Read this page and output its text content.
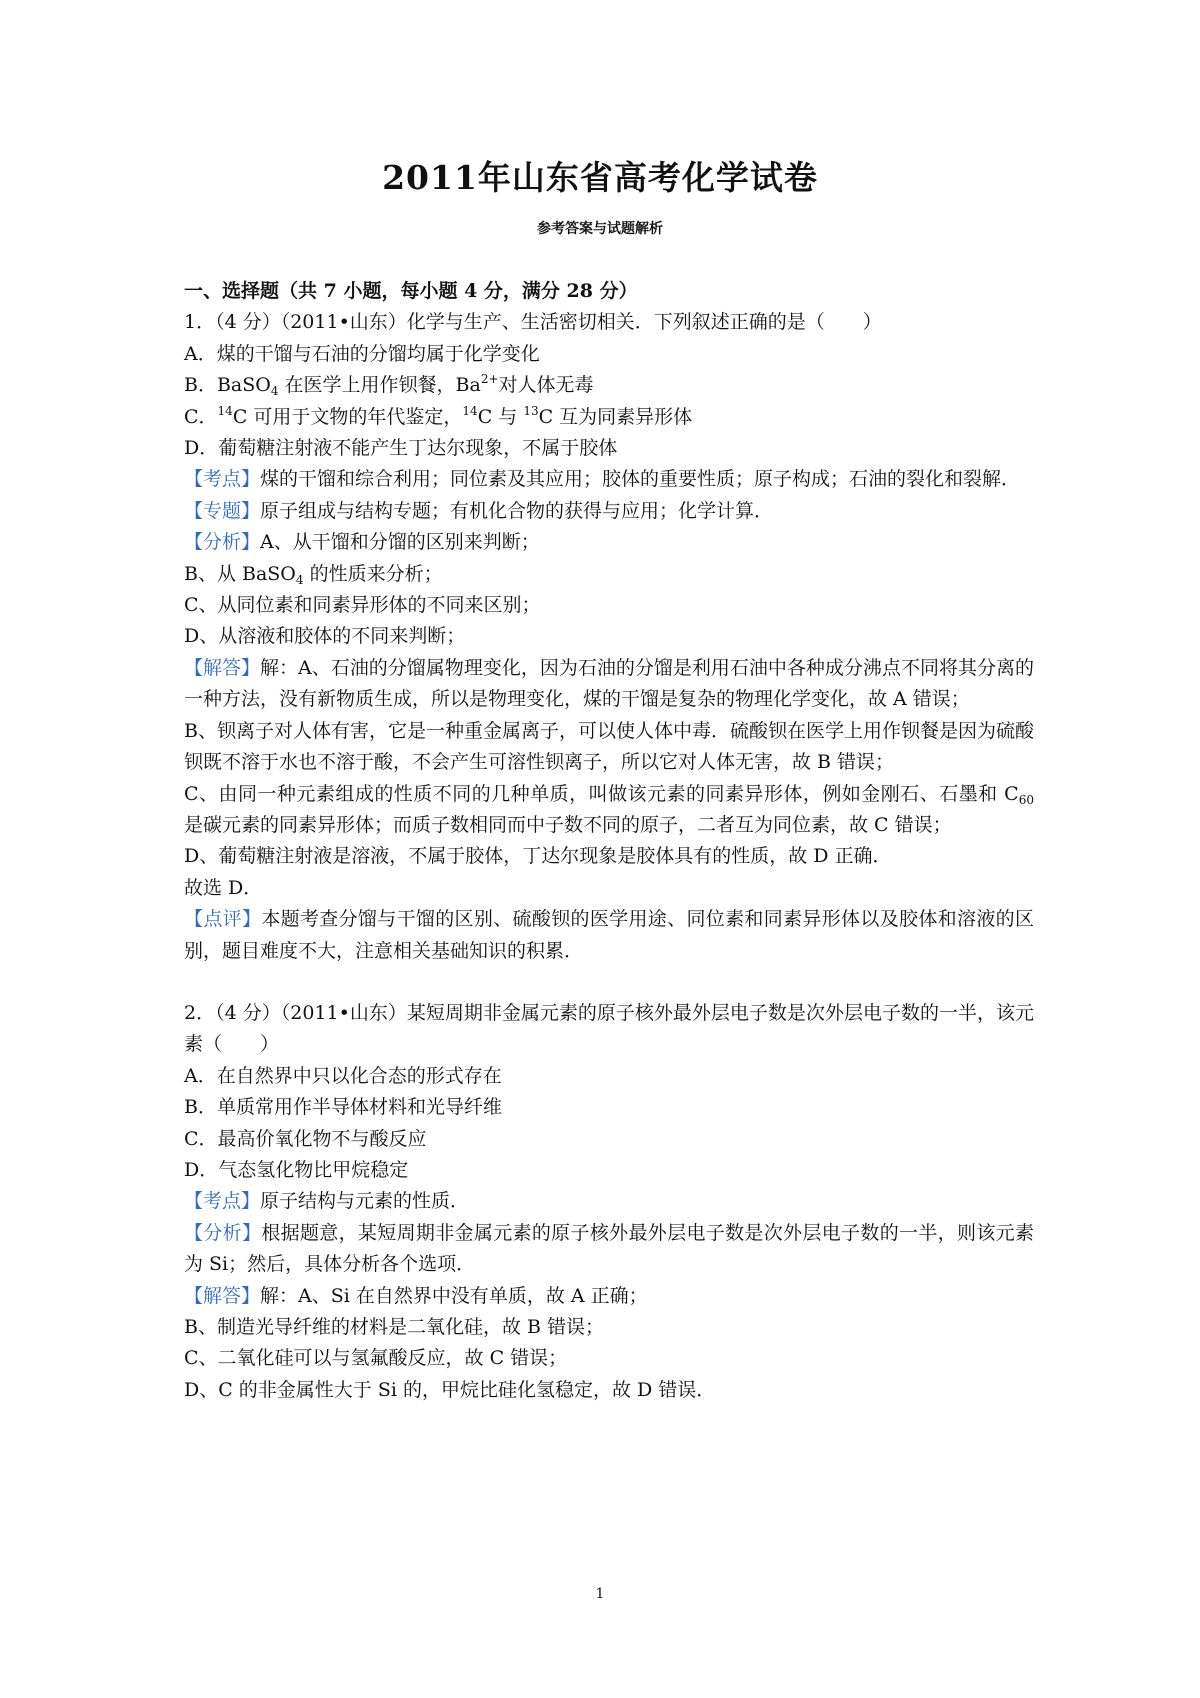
2011年山东省高考化学试卷
参考答案与试题解析
一、选择题（共 7 小题，每小题 4 分，满分 28 分）
1．（4 分）（2011•山东）化学与生产、生活密切相关．下列叙述正确的是（　　）
A．煤的干馏与石油的分馏均属于化学变化
B．BaSO$_4$ 在医学上用作钡餐，$Ba^{2+}$对人体无毒
C．$^{14}$C 可用于文物的年代鉴定，$^{14}$C 与 $^{13}$C 互为同素异形体
D．葡萄糖注射液不能产生丁达尔现象，不属于胶体
【考点】煤的干馏和综合利用；同位素及其应用；胶体的重要性质；原子构成；石油的裂化和裂解．
【专题】原子组成与结构专题；有机化合物的获得与应用；化学计算．
【分析】A、从干馏和分馏的区别来判断；
B、从 BaSO$_4$ 的性质来分析；
C、从同位素和同素异形体的不同来区别；
D、从溶液和胶体的不同来判断；
【解答】解：A、石油的分馏属物理变化，因为石油的分馏是利用石油中各种成分沸点不同将其分离的一种方法，没有新物质生成，所以是物理变化，煤的干馏是复杂的物理化学变化，故 A 错误；
B、钡离子对人体有害，它是一种重金属离子，可以使人体中毒．硫酸钡在医学上用作钡餐是因为硫酸钡既不溶于水也不溶于酸，不会产生可溶性钡离子，所以它对人体无害，故 B 错误；
C、由同一种元素组成的性质不同的几种单质，叫做该元素的同素异形体，例如金刚石、石墨和 $C_{60}$ 是碳元素的同素异形体；而质子数相同而中子数不同的原子，二者互为同位素，故 C 错误；
D、葡萄糖注射液是溶液，不属于胶体，丁达尔现象是胶体具有的性质，故 D 正确．
故选 D．
【点评】本题考查分馏与干馏的区别、硫酸钡的医学用途、同位素和同素异形体以及胶体和溶液的区别，题目难度不大，注意相关基础知识的积累．
2．（4 分）（2011•山东）某短周期非金属元素的原子核外最外层电子数是次外层电子数的一半，该元素（　　）
A．在自然界中只以化合态的形式存在
B．单质常用作半导体材料和光导纤维
C．最高价氧化物不与酸反应
D．气态氢化物比甲烷稳定
【考点】原子结构与元素的性质．
【分析】根据题意，某短周期非金属元素的原子核外最外层电子数是次外层电子数的一半，则该元素为 Si；然后，具体分析各个选项．
【解答】解：A、Si 在自然界中没有单质，故 A 正确；
B、制造光导纤维的材料是二氧化硅，故 B 错误；
C、二氧化硅可以与氢氟酸反应，故 C 错误；
D、C 的非金属性大于 Si 的，甲烷比硅化氢稳定，故 D 错误．
1
